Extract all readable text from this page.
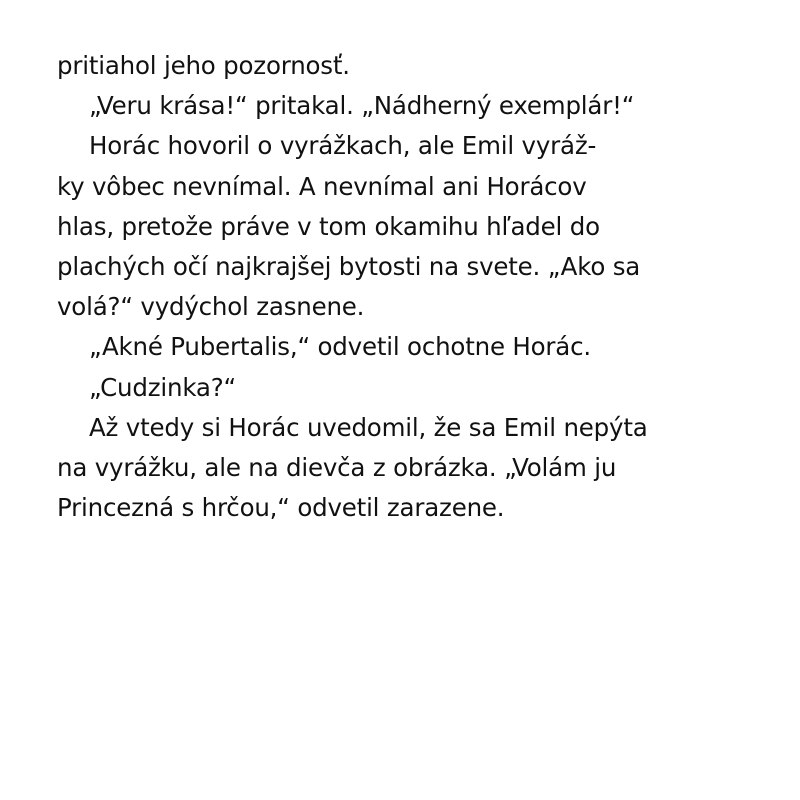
pritiahol jeho pozornosť.
„Veru krása!“ pritakal. „Nádherný exemplár!“
Horác hovoril o vyrážkach, ale Emil vyráž-
ky vôbec nevnímal. A nevnímal ani Horácov
hlas, pretože práve v tom okamihu hľadel do
plachých očí najkrajšej bytosti na svete. „Ako sa
volá?“ vydýchol zasnene.
„Akné Pubertalis,“ odvetil ochotne Horác.
„Cudzinka?“
Až vtedy si Horác uvedomil, že sa Emil nepýta
na vyrážku, ale na dievča z obrázka. „Volám ju
Princezná s hrčou,“ odvetil zarazene.
